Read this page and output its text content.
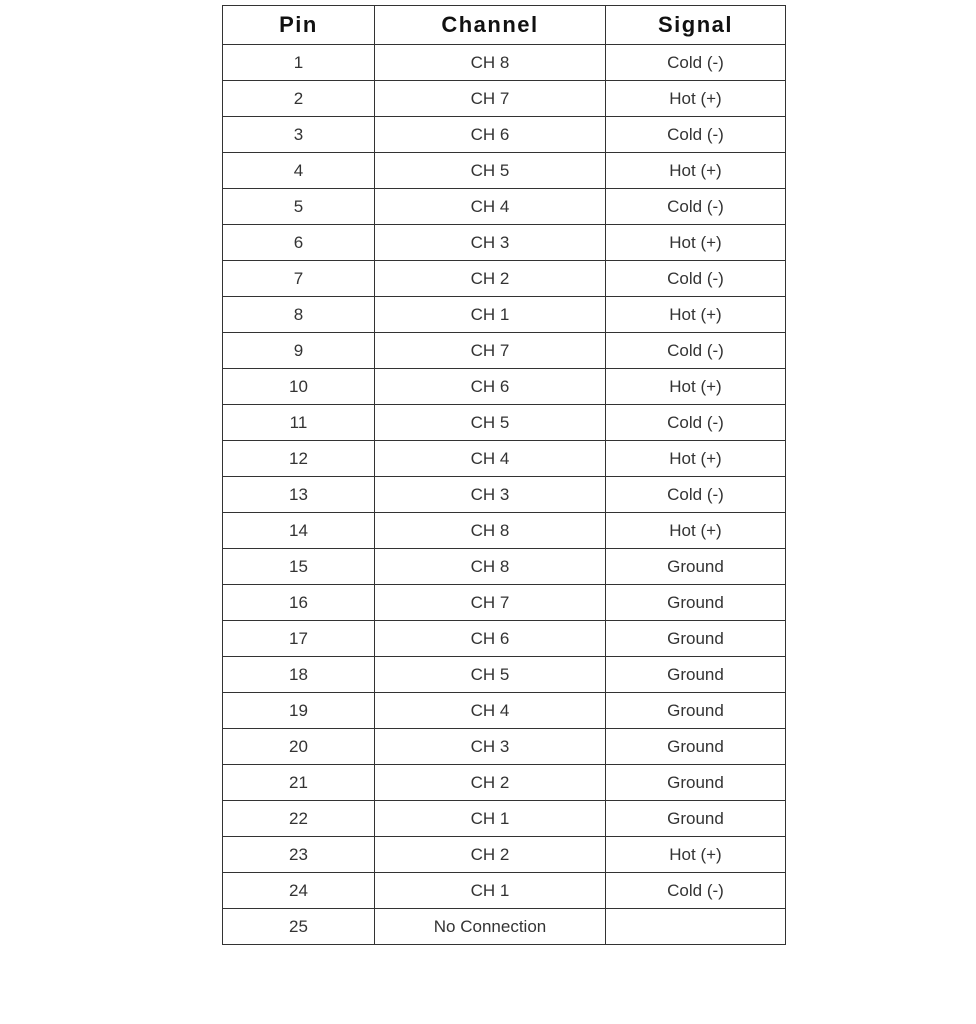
Pin	Channel	Signal
1	CH 8	Cold (-)
2	CH 7	Hot (+)
3	CH 6	Cold (-)
4	CH 5	Hot (+)
5	CH 4	Cold (-)
6	CH 3	Hot (+)
7	CH 2	Cold (-)
8	CH 1	Hot (+)
9	CH 7	Cold (-)
10	CH 6	Hot (+)
11	CH 5	Cold (-)
12	CH 4	Hot (+)
13	CH 3	Cold (-)
14	CH 8	Hot (+)
15	CH 8	Ground
16	CH 7	Ground
17	CH 6	Ground
18	CH 5	Ground
19	CH 4	Ground
20	CH 3	Ground
21	CH 2	Ground
22	CH 1	Ground
23	CH 2	Hot (+)
24	CH 1	Cold (-)
25	No Connection	
